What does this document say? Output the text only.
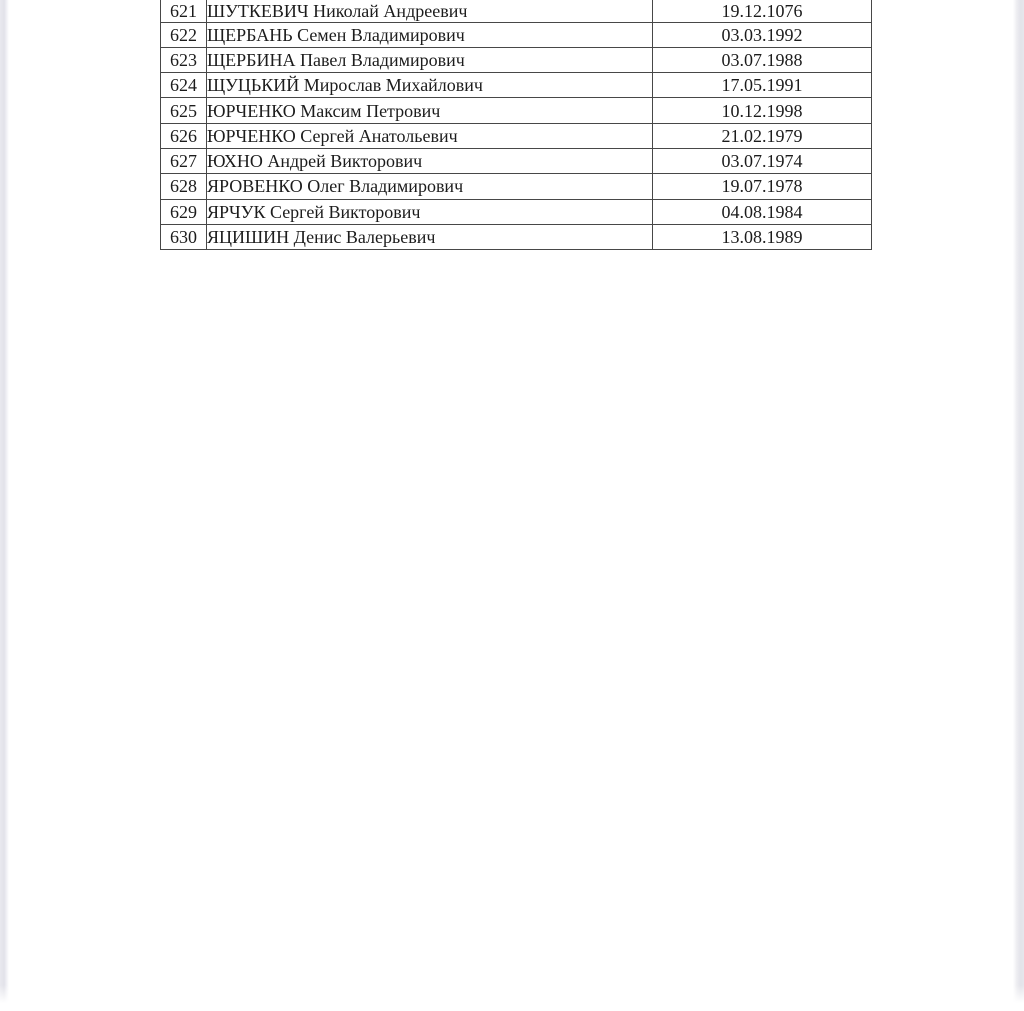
621	ШУТКЕВИЧ Николай Андреевич	19.12.1076
622	ЩЕРБАНЬ Семен Владимирович	03.03.1992
623	ЩЕРБИНА Павел Владимирович	03.07.1988
624	ЩУЦЬКИЙ Мирослав Михайлович	17.05.1991
625	ЮРЧЕНКО Максим Петрович	10.12.1998
626	ЮРЧЕНКО Сергей Анатольевич	21.02.1979
627	ЮХНО Андрей Викторович	03.07.1974
628	ЯРОВЕНКО Олег Владимирович	19.07.1978
629	ЯРЧУК Сергей Викторович	04.08.1984
630	ЯЦИШИН Денис Валерьевич	13.08.1989
